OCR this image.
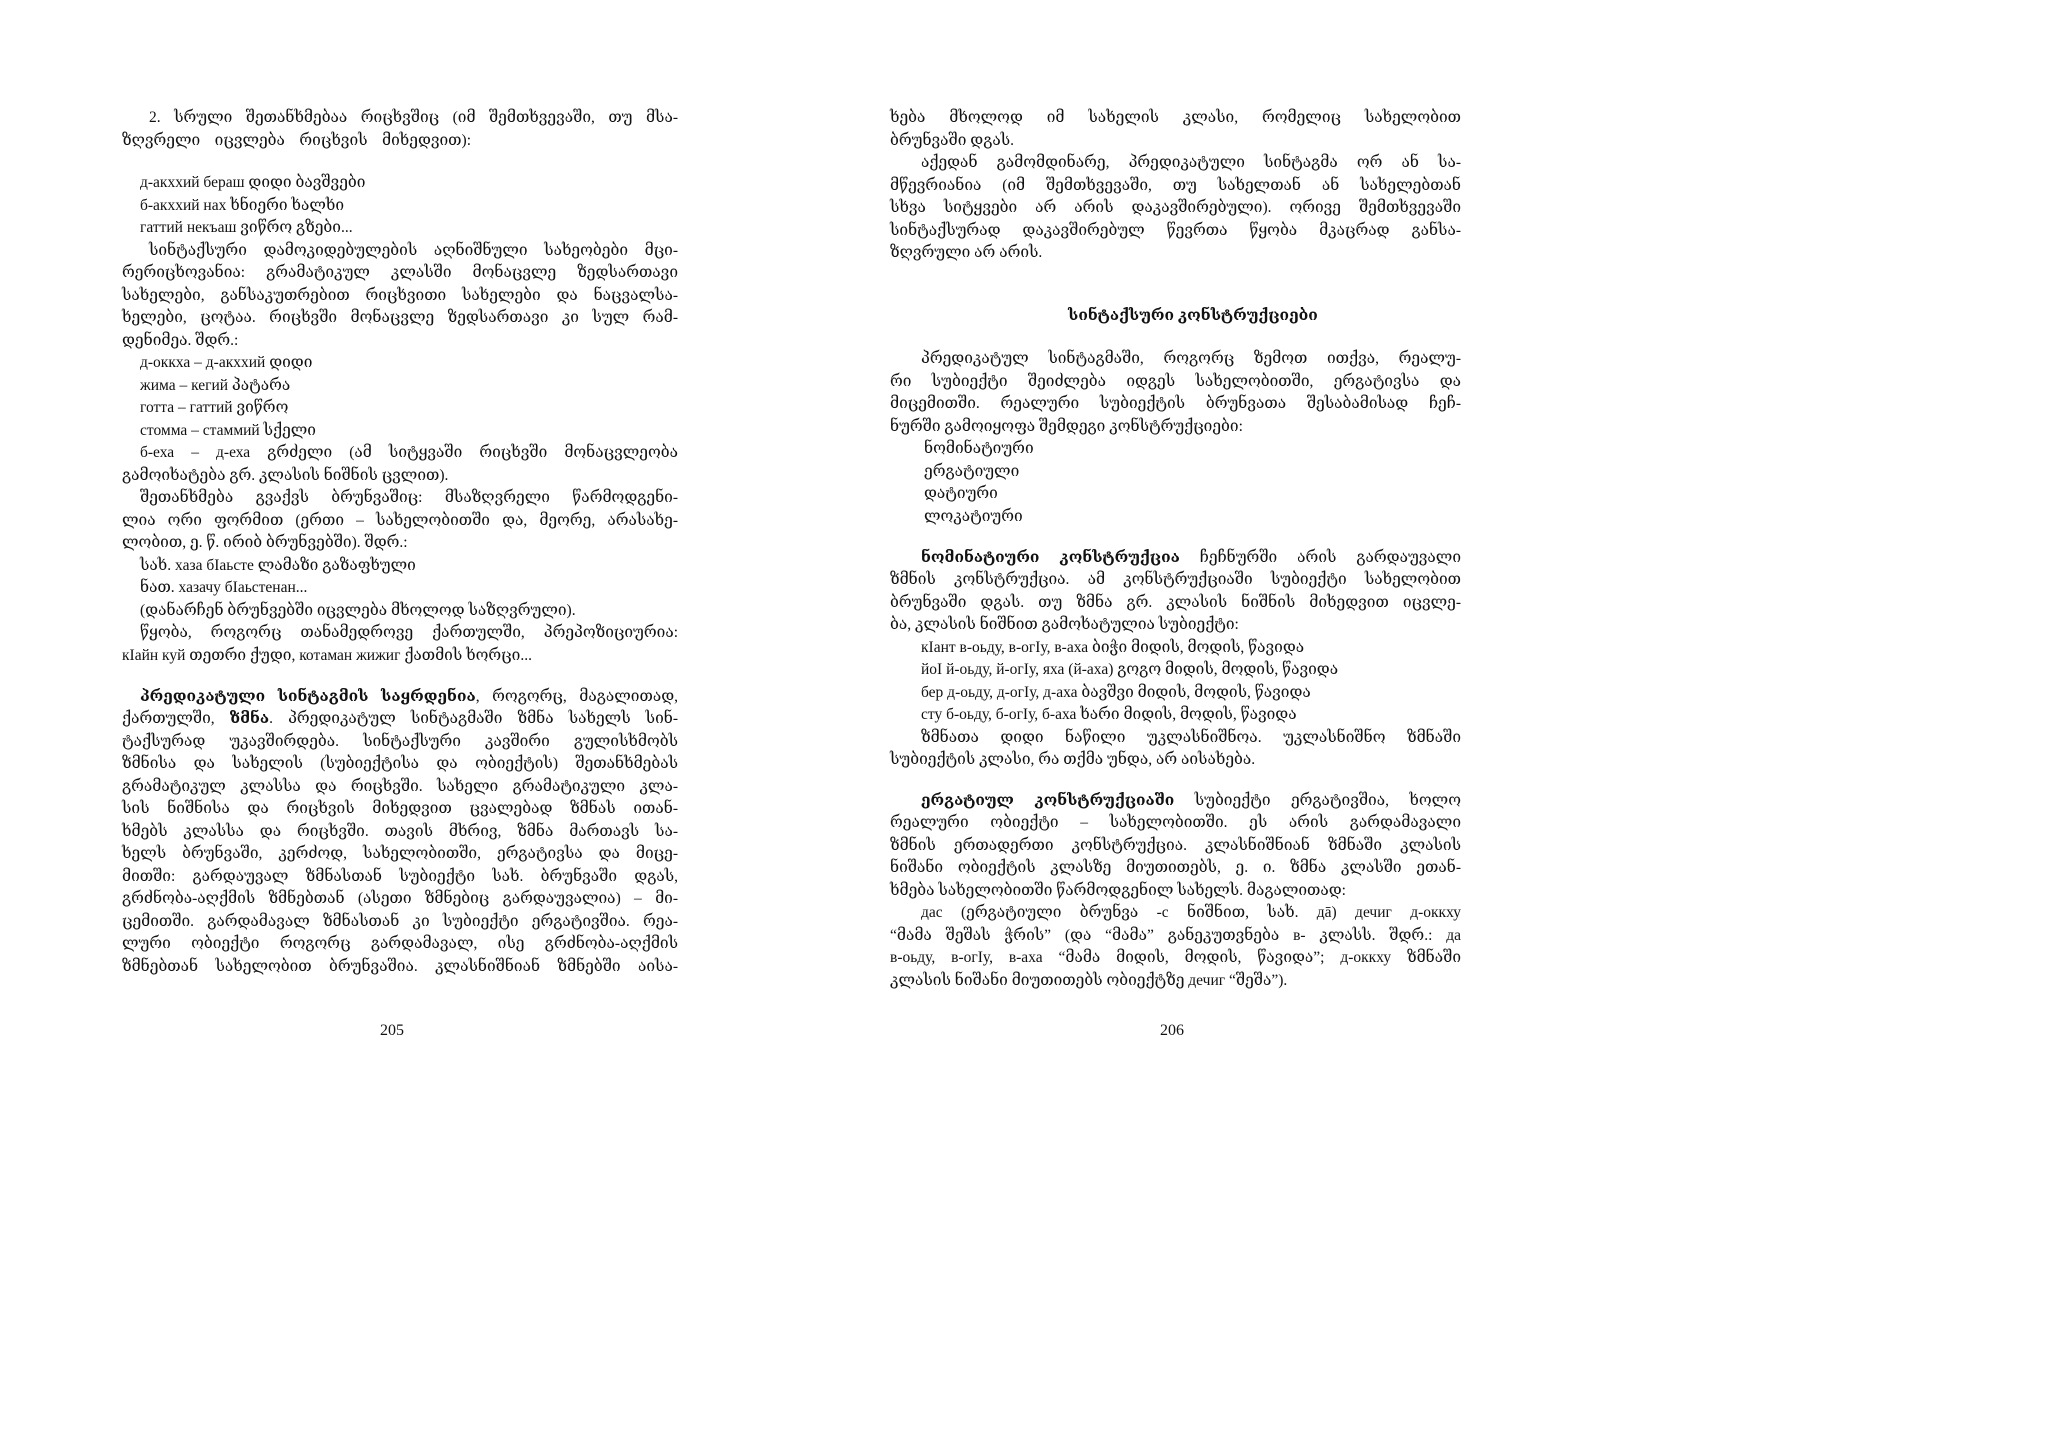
2. სრული შეთანხმებაა რიცხვშიც (იმ შემთხვევაში, თუ მსა-
ზღვრელი იცვლება რიცხვის მიხედვით):
д-акххий бераш დიდი ბავშვები
б-акххий нах ხნიერი ხალხი
гаттий некъаш ვიწრო გზები...
სინტაქსური დამოკიდებულების აღნიშნული სახეობები მცი-
რერიცხოვანია: გრამატიკულ კლასში მონაცვლე ზედსართავი
სახელები, განსაკუთრებით რიცხვითი სახელები და ნაცვალსა-
ხელები, ცოტაა. რიცხვში მონაცვლე ზედსართავი კი სულ რამ-
დენიმეა. შდრ.:
д-оккха – д-акххий დიდი
жима – кегий პატარა
готта – гаттий ვიწრო
стомма – стаммий სქელი
б-еха – д-еха გრძელი (ამ სიტყვაში რიცხვში მონაცვლეობა
გამოიხატება გრ. კლასის ნიშნის ცვლით).
შეთანხმება გვაქვს ბრუნვაშიც: მსაზღვრელი წარმოდგენი-
ლია ორი ფორმით (ერთი – სახელობითში და, მეორე, არასახე-
ლობით, ე. წ. ირიბ ბრუნვებში). შდრ.:
სახ. хаза бІаьсте ლამაზი გაზაფხული
ნათ. хазачу бІаьстенан...
(დანარჩენ ბრუნვებში იცვლება მხოლოდ საზღვრული).
წყობა, როგორც თანამედროვე ქართულში, პრეპოზიციურია:
кІайн куй თეთრი ქუდი, котаман жижиг ქათმის ხორცი...
პრედიკატული სინტაგმის საყრდენია, როგორც, მაგალითად,
ქართულში, ზმნა. პრედიკატულ სინტაგმაში ზმნა სახელს სინ-
ტაქსურად უკავშირდება. სინტაქსური კავშირი გულისხმობს
ზმნისა და სახელის (სუბიექტისა და ობიექტის) შეთანხმებას
გრამატიკულ კლასსა და რიცხვში. სახელი გრამატიკული კლა-
სის ნიშნისა და რიცხვის მიხედვით ცვალებად ზმნას ითან-
ხმებს კლასსა და რიცხვში. თავის მხრივ, ზმნა მართავს სა-
ხელს ბრუნვაში, კერძოდ, სახელობითში, ერგატივსა და მიცე-
მითში: გარდაუვალ ზმნასთან სუბიექტი სახ. ბრუნვაში დგას,
გრძნობა-აღქმის ზმნებთან (ასეთი ზმნებიც გარდაუვალია) – მი-
ცემითში. გარდამავალ ზმნასთან კი სუბიექტი ერგატივშია. რეა-
ლური ობიექტი როგორც გარდამავალ, ისე გრძნობა-აღქმის
ზმნებთან სახელობით ბრუნვაშია. კლასნიშნიან ზმნებში აისა-
205
ხება მხოლოდ იმ სახელის კლასი, რომელიც სახელობით
ბრუნვაში დგას.
აქედან გამომდინარე, პრედიკატული სინტაგმა ორ ან სა-
მწევრიანია (იმ შემთხვევაში, თუ სახელთან ან სახელებთან
სხვა სიტყვები არ არის დაკავშირებული). ორივე შემთხვევაში
სინტაქსურად დაკავშირებულ წევრთა წყობა მკაცრად განსა-
ზღვრული არ არის.
სინტაქსური კონსტრუქციები
პრედიკატულ სინტაგმაში, როგორც ზემოთ ითქვა, რეალუ-
რი სუბიექტი შეიძლება იდგეს სახელობითში, ერგატივსა და
მიცემითში. რეალური სუბიექტის ბრუნვათა შესაბამისად ჩეჩ-
ნურში გამოიყოფა შემდეგი კონსტრუქციები:
ნომინატიური
ერგატიული
დატიური
ლოკატიური
ნომინატიური კონსტრუქცია ჩეჩნურში არის გარდაუვალი
ზმნის კონსტრუქცია. ამ კონსტრუქციაში სუბიექტი სახელობით
ბრუნვაში დგას. თუ ზმნა გრ. კლასის ნიშნის მიხედვით იცვლე-
ბა, კლასის ნიშნით გამოხატულია სუბიექტი:
кІант в-оьду, в-огІу, в-аха ბიჭი მიდის, მოდის, წავიდა
йоІ й-оьду, й-огІу, яха (й-аха) გოგო მიდის, მოდის, წავიდა
бер д-оьду, д-огІу, д-аха ბავშვი მიდის, მოდის, წავიდა
сту б-оьду, б-огІу, б-аха ხარი მიდის, მოდის, წავიდა
ზმნათა დიდი ნაწილი უკლასნიშნოა. უკლასნიშნო ზმნაში
სუბიექტის კლასი, რა თქმა უნდა, არ აისახება.
ერგატიულ კონსტრუქციაში სუბიექტი ერგატივშია, ხოლო
რეალური ობიექტი – სახელობითში. ეს არის გარდამავალი
ზმნის ერთადერთი კონსტრუქცია. კლასნიშნიან ზმნაში კლასის
ნიშანი ობიექტის კლასზე მიუთითებს, ე. ი. ზმნა კლასში ეთან-
ხმება სახელობითში წარმოდგენილ სახელს. მაგალითად:
дас (ერგატიული ბრუნვა -с ნიშნით, სახ. дā) дечиг д-оккху
“მამა შეშას ჭრის” (და “მამა” განეკუთვნება в- კლასს. შდრ.: да
в-оьду, в-огІу, в-аха “მამა მიდის, მოდის, წავიდა”; д-оккху ზმნაში
კლასის ნიშანი მიუთითებს ობიექტზე дечиг “შეშა”).
206
